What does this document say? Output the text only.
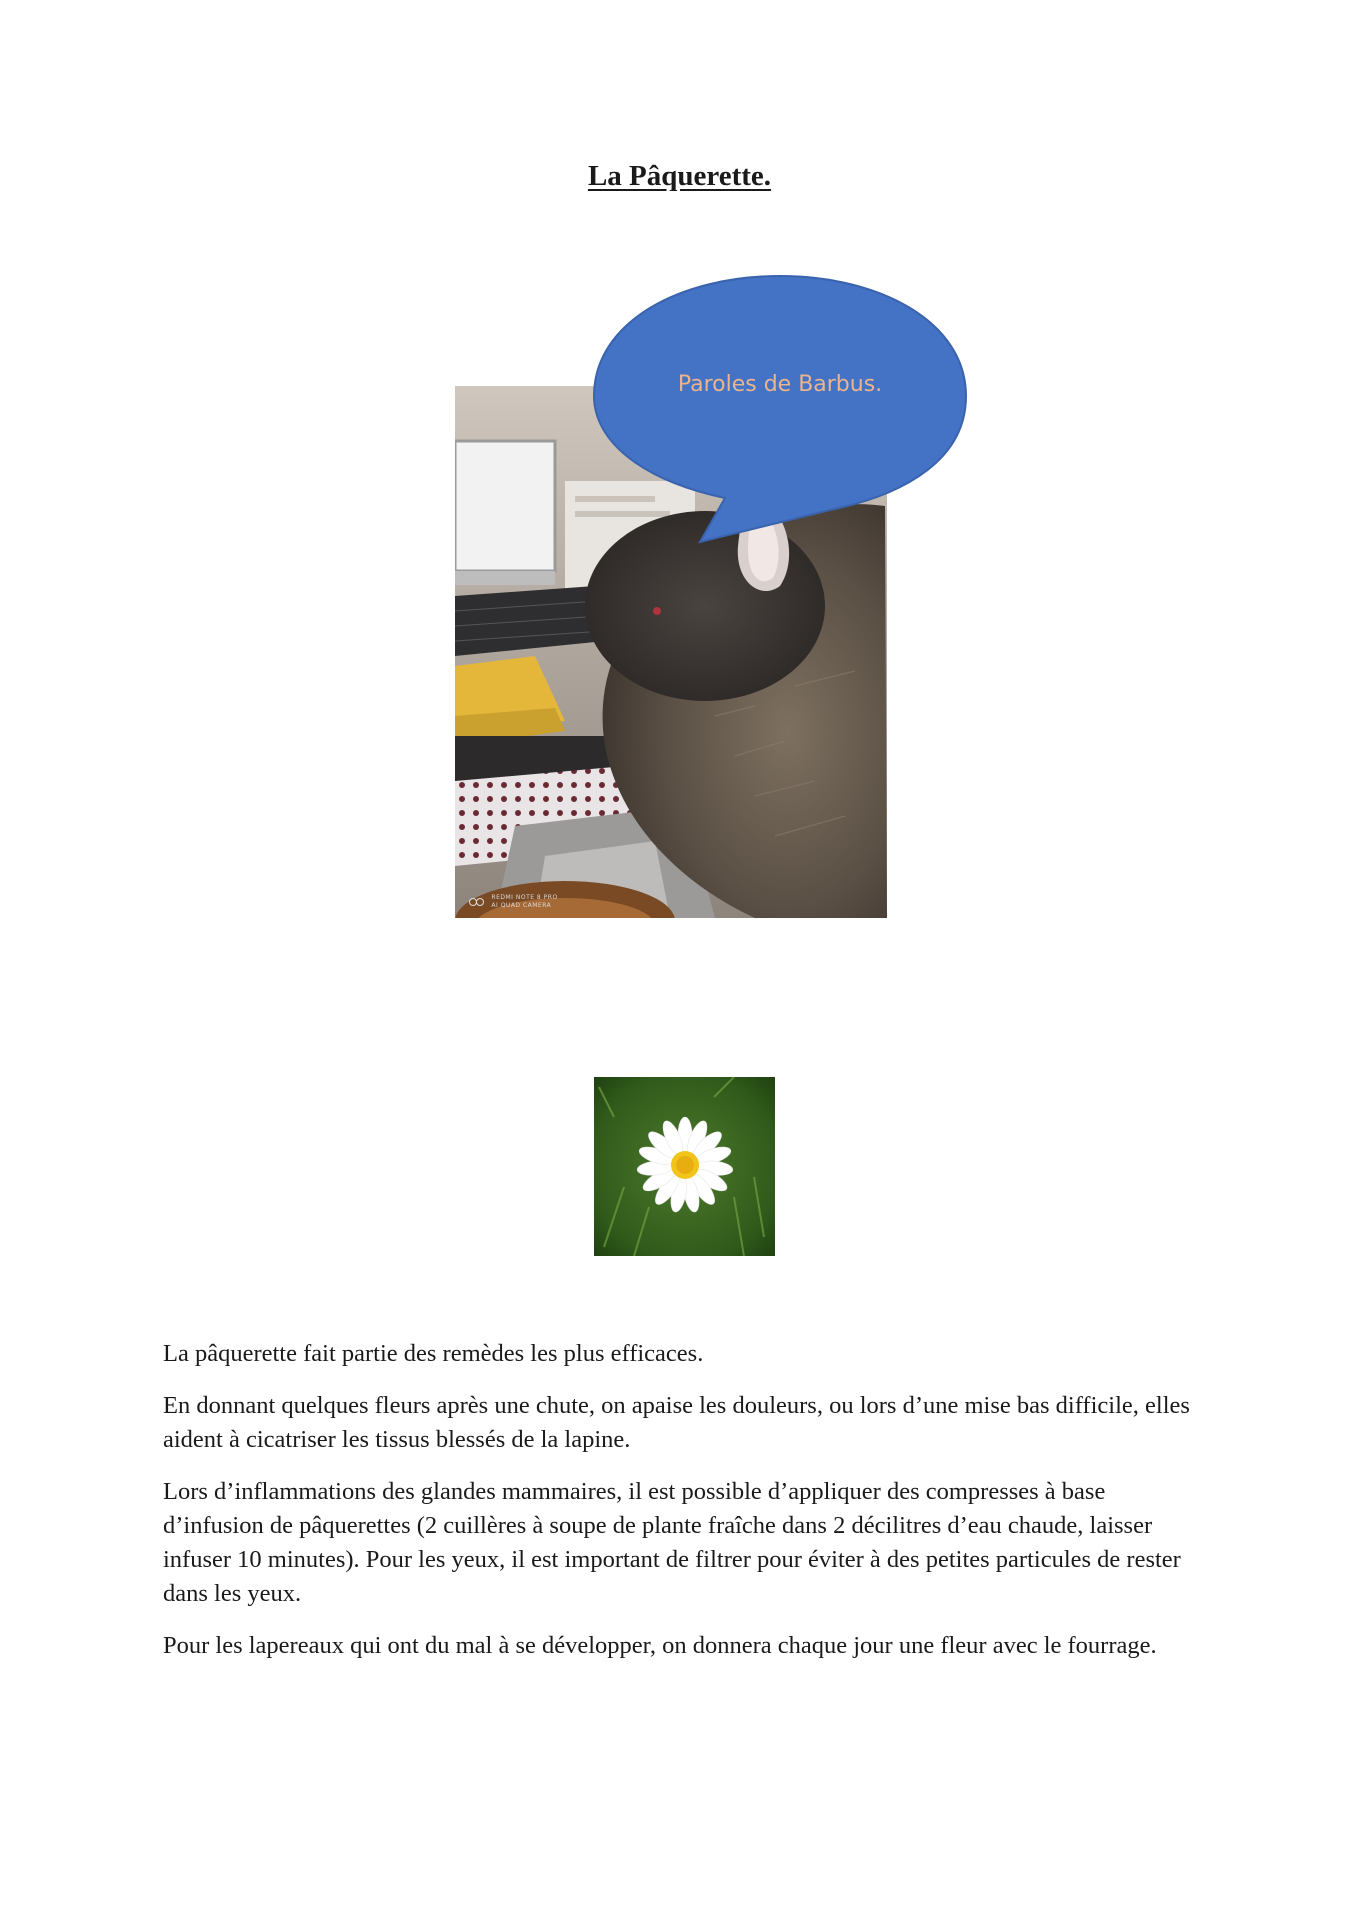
La Pâquerette.
REDMI NOTE 8 PRO
AI QUAD CAMERA
Paroles de Barbus.

La pâquerette fait partie des remèdes les plus efficaces.

En donnant quelques fleurs après une chute, on apaise les douleurs, ou lors d’une mise bas difficile, elles aident à cicatriser les tissus blessés de la lapine.

Lors d’inflammations des glandes mammaires, il est possible d’appliquer des compresses à base d’infusion de pâquerettes (2 cuillères à soupe de plante fraîche dans 2 décilitres d’eau chaude, laisser infuser 10 minutes). Pour les yeux, il est important de filtrer pour éviter à des petites particules de rester dans les yeux.

Pour les lapereaux qui ont du mal à se développer, on donnera chaque jour une fleur avec le fourrage.
